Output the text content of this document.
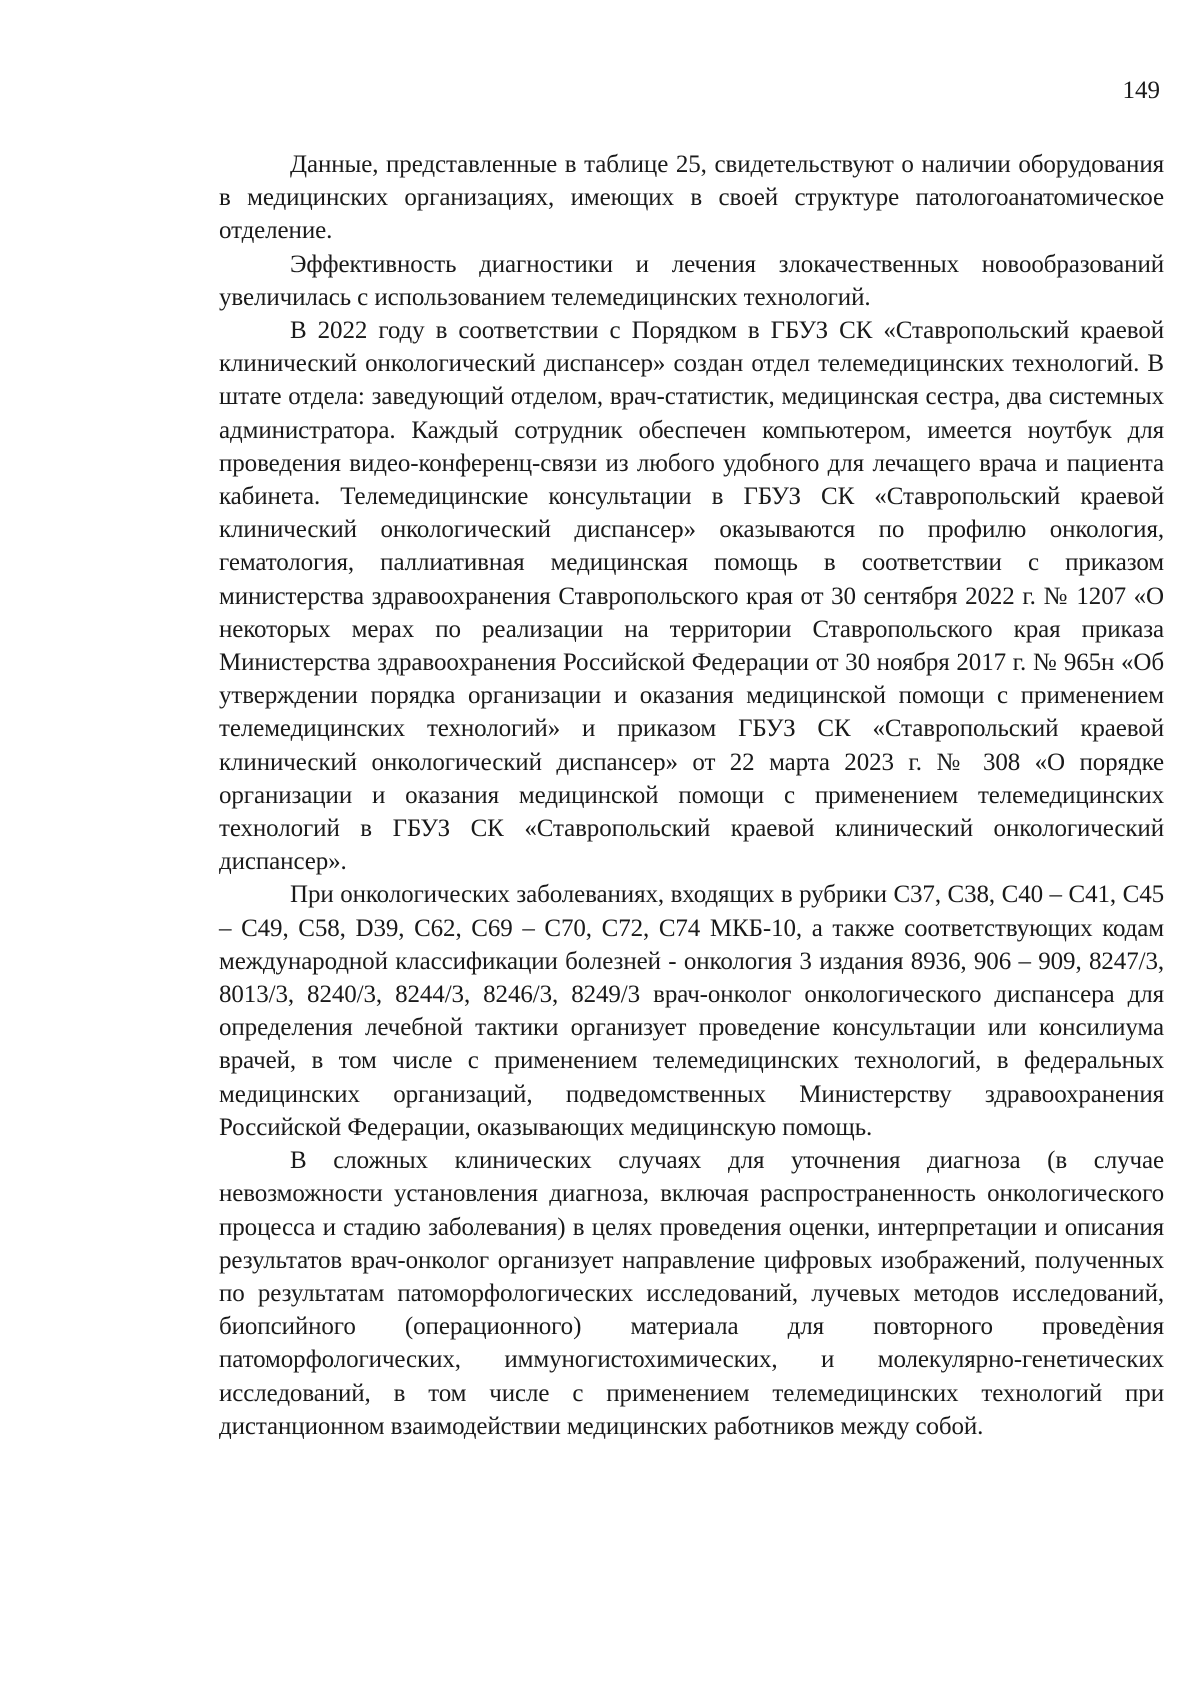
149

Данные, представленные в таблице 25, свидетельствуют о наличии оборудования в медицинских организациях, имеющих в своей структуре патологоанатомическое отделение.

Эффективность диагностики и лечения злокачественных новообразований увеличилась с использованием телемедицинских технологий.

В 2022 году в соответствии с Порядком в ГБУЗ СК «Ставропольский краевой клинический онкологический диспансер» создан отдел телемедицинских технологий. В штате отдела: заведующий отделом, врач-статистик, медицинская сестра, два системных администратора. Каждый сотрудник обеспечен компьютером, имеется ноутбук для проведения видео-конференц-связи из любого удобного для лечащего врача и пациента кабинета. Телемедицинские консультации в ГБУЗ СК «Ставропольский краевой клинический онкологический диспансер» оказываются по профилю онкология, гематология, паллиативная медицинская помощь в соответствии с приказом министерства здравоохранения Ставропольского края от 30 сентября 2022 г. № 1207 «О некоторых мерах по реализации на территории Ставропольского края приказа Министерства здравоохранения Российской Федерации от 30 ноября 2017 г. № 965н «Об утверждении порядка организации и оказания медицинской помощи с применением телемедицинских технологий» и приказом ГБУЗ СК «Ставропольский краевой клинический онкологический диспансер» от 22 марта 2023 г. № 308 «О порядке организации и оказания медицинской помощи с применением телемедицинских технологий в ГБУЗ СК «Ставропольский краевой клинический онкологический диспансер».

При онкологических заболеваниях, входящих в рубрики С37, С38, С40 – С41, С45 – С49, С58, D39, С62, С69 – С70, С72, С74 МКБ-10, а также соответствующих кодам международной классификации болезней - онкология 3 издания 8936, 906 – 909, 8247/3, 8013/3, 8240/3, 8244/3, 8246/3, 8249/3 врач-онколог онкологического диспансера для определения лечебной тактики организует проведение консультации или консилиума врачей, в том числе с применением телемедицинских технологий, в федеральных медицинских организаций, подведомственных Министерству здравоохранения Российской Федерации, оказывающих медицинскую помощь.

В сложных клинических случаях для уточнения диагноза (в случае невозможности установления диагноза, включая распространенность онкологического процесса и стадию заболевания) в целях проведения оценки, интерпретации и описания результатов врач-онколог организует направление цифровых изображений, полученных по результатам патоморфологических исследований, лучевых методов исследований, биопсийного (операционного) материала для повторного проведѐния патоморфологических, иммуногистохимических, и молекулярно-генетических исследований, в том числе с применением телемедицинских технологий при дистанционном взаимодействии медицинских работников между собой.
